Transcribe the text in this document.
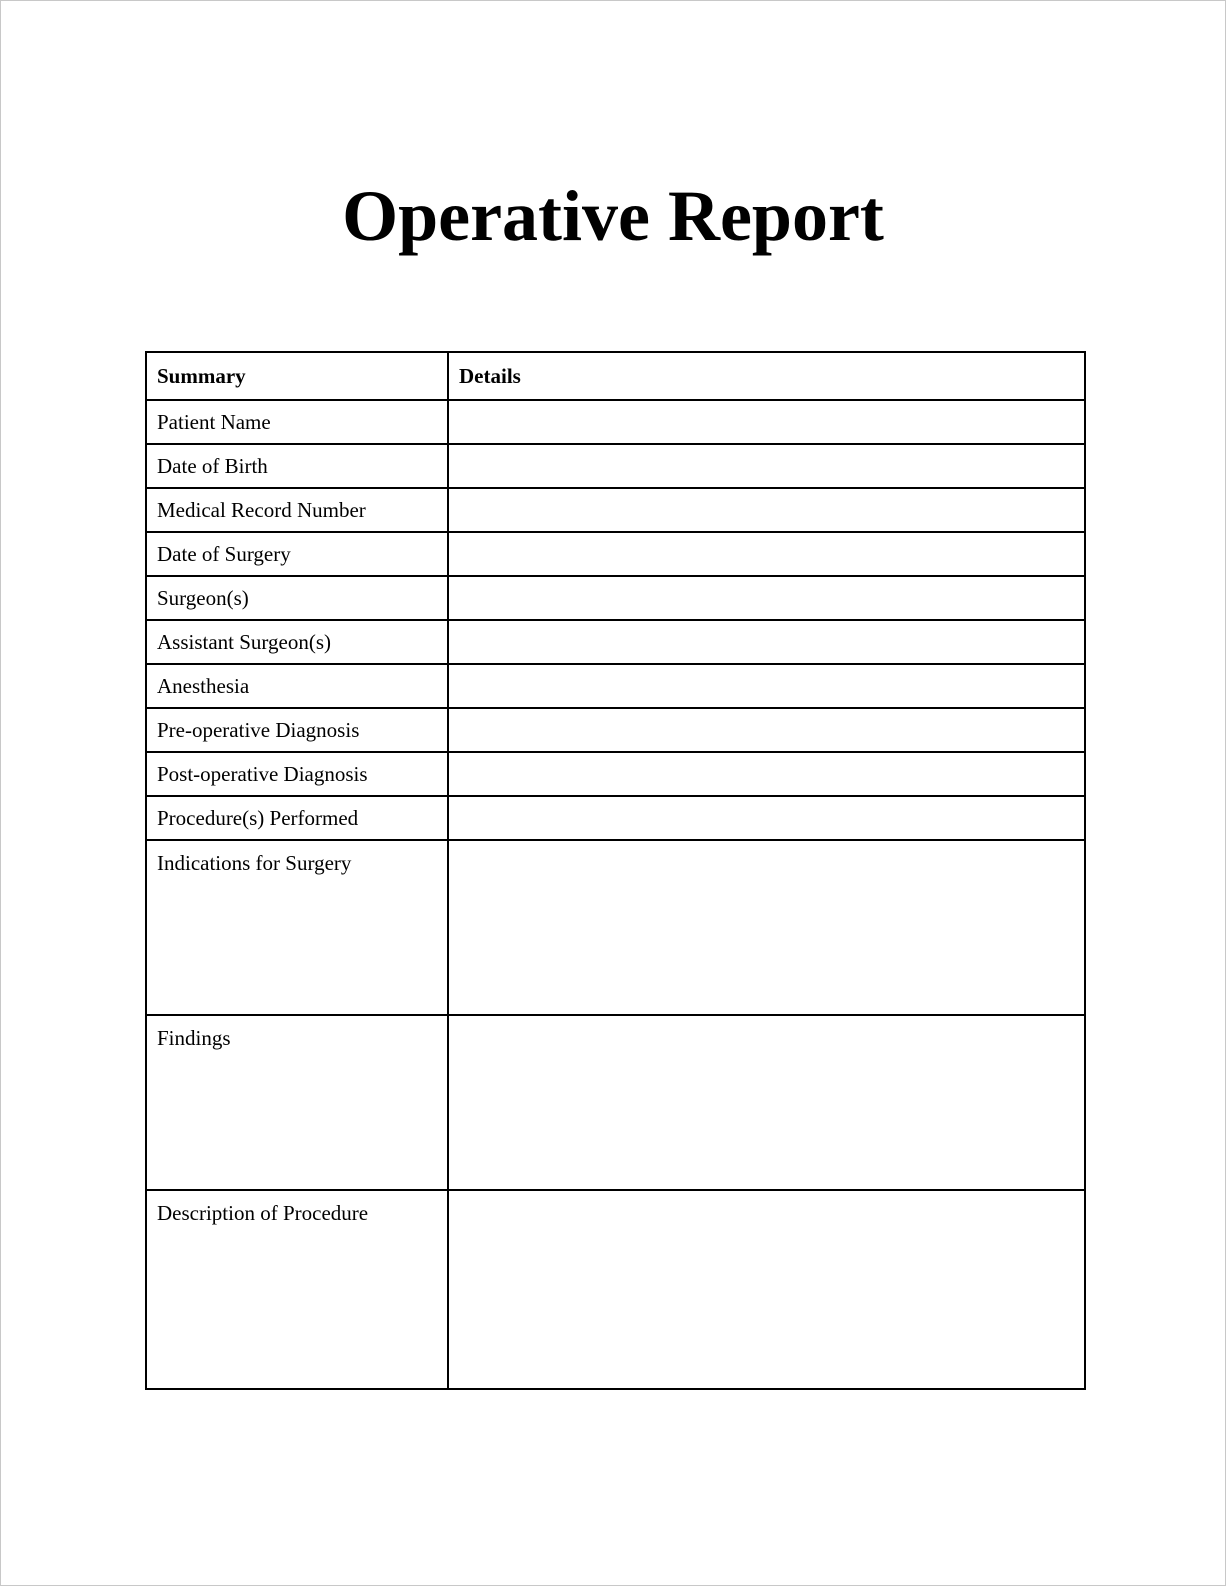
Operative Report
Summary	Details
Patient Name	
Date of Birth	
Medical Record Number	
Date of Surgery	
Surgeon(s)	
Assistant Surgeon(s)	
Anesthesia	
Pre-operative Diagnosis	
Post-operative Diagnosis	
Procedure(s) Performed	
Indications for Surgery	
Findings	
Description of Procedure	
